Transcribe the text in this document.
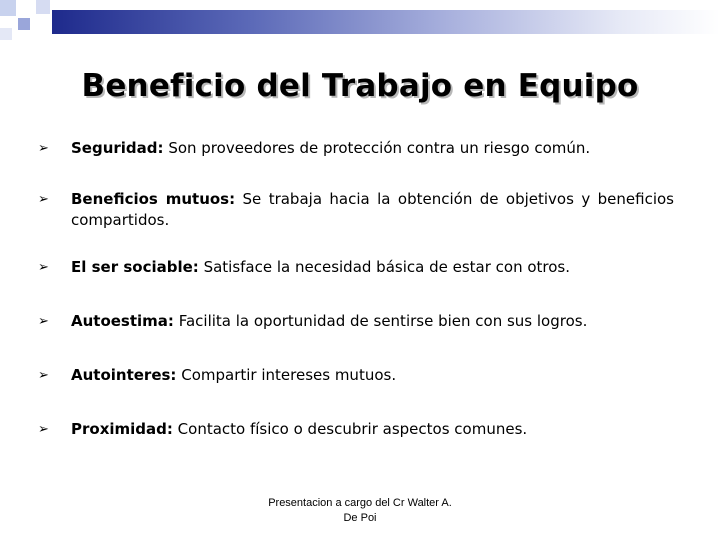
Beneficio del Trabajo en Equipo
➢ Seguridad: Son proveedores de protección contra un riesgo común.
➢ Beneficios mutuos: Se trabaja hacia la obtención de objetivos y beneficios compartidos.
➢ El ser sociable: Satisface la necesidad básica de estar con otros.
➢ Autoestima: Facilita la oportunidad de sentirse bien con sus logros.
➢ Autointeres: Compartir intereses mutuos.
➢ Proximidad: Contacto físico o descubrir aspectos comunes.
Presentacion a cargo del Cr Walter A.
De Poi
